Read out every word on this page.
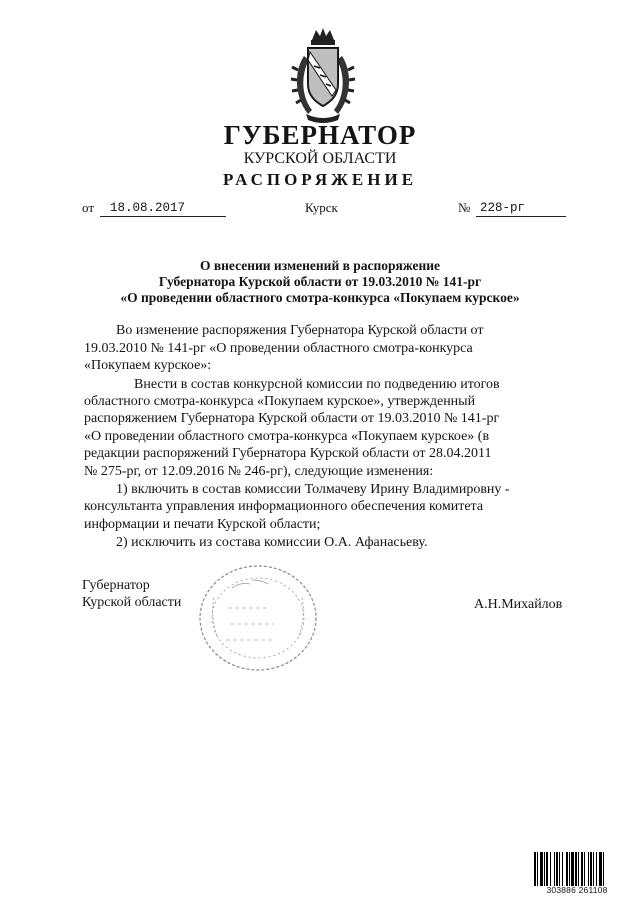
ГУБЕРНАТОР
КУРСКОЙ ОБЛАСТИ
РАСПОРЯЖЕНИЕ
от	18.08.2017	Курск	№ 228-рг
О внесении изменений в распоряжение
Губернатора Курской области от 19.03.2010 № 141-рг
«О проведении областного смотра-конкурса «Покупаем курское»
Во изменение распоряжения Губернатора Курской области от
19.03.2010 № 141-рг «О проведении областного смотра-конкурса
«Покупаем курское»:
Внести в состав конкурсной комиссии по подведению итогов
областного смотра-конкурса «Покупаем курское», утвержденный
распоряжением Губернатора Курской области от 19.03.2010 № 141-рг
«О проведении областного смотра-конкурса «Покупаем курское» (в
редакции распоряжений Губернатора Курской области от 28.04.2011
№ 275-рг, от 12.09.2016 № 246-рг), следующие изменения:
1) включить в состав комиссии Толмачеву Ирину Владимировну -
консультанта управления информационного обеспечения комитета
информации и печати Курской области;
2) исключить из состава комиссии О.А. Афанасьеву.
Губернатор
Курской области	А.Н.Михайлов
303886 261108
